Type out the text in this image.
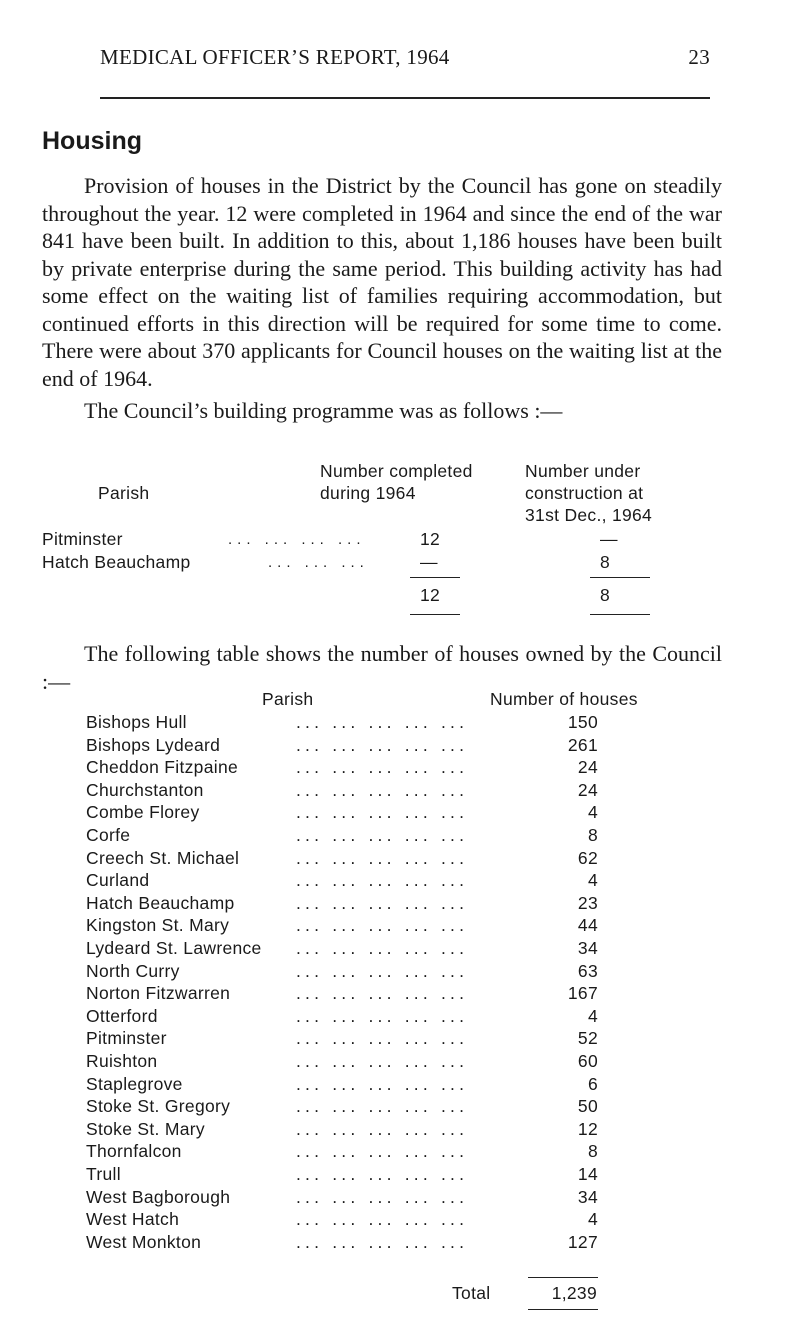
MEDICAL OFFICER’S REPORT, 1964	23
Housing

Provision of houses in the District by the Council has gone on steadily throughout the year. 12 were completed in 1964 and since the end of the war 841 have been built. In addition to this, about 1,186 houses have been built by private enterprise during the same period. This building activity has had some effect on the waiting list of families requiring accommodation, but continued efforts in this direction will be required for some time to come. There were about 370 applicants for Council houses on the waiting list at the end of 1964.

The Council’s building programme was as follows :—
Parish
Number completed
during 1964
Number under
construction at
31st Dec., 1964
Pitminster	... ... ... ...	12	—
Hatch Beauchamp	... ... ...	—	8
12	8

The following table shows the number of houses owned by the Council :—

Parish	Number of houses
Bishops Hull	... ... ... ... ...	150
Bishops Lydeard	... ... ... ... ...	261
Cheddon Fitzpaine	... ... ... ... ...	24
Churchstanton	... ... ... ... ...	24
Combe Florey	... ... ... ... ...	4
Corfe	... ... ... ... ...	8
Creech St. Michael	... ... ... ... ...	62
Curland	... ... ... ... ...	4
Hatch Beauchamp	... ... ... ... ...	23
Kingston St. Mary	... ... ... ... ...	44
Lydeard St. Lawrence ... ... ... ... ...	34
North Curry	... ... ... ... ...	63
Norton Fitzwarren	... ... ... ... ...	167
Otterford	... ... ... ... ...	4
Pitminster	... ... ... ... ...	52
Ruishton	... ... ... ... ...	60
Staplegrove	... ... ... ... ...	6
Stoke St. Gregory	... ... ... ... ...	50
Stoke St. Mary	... ... ... ... ...	12
Thornfalcon	... ... ... ... ...	8
Trull	... ... ... ... ...	14
West Bagborough	... ... ... ... ...	34
West Hatch	... ... ... ... ...	4
West Monkton	... ... ... ... ...	127
Total	1,239
